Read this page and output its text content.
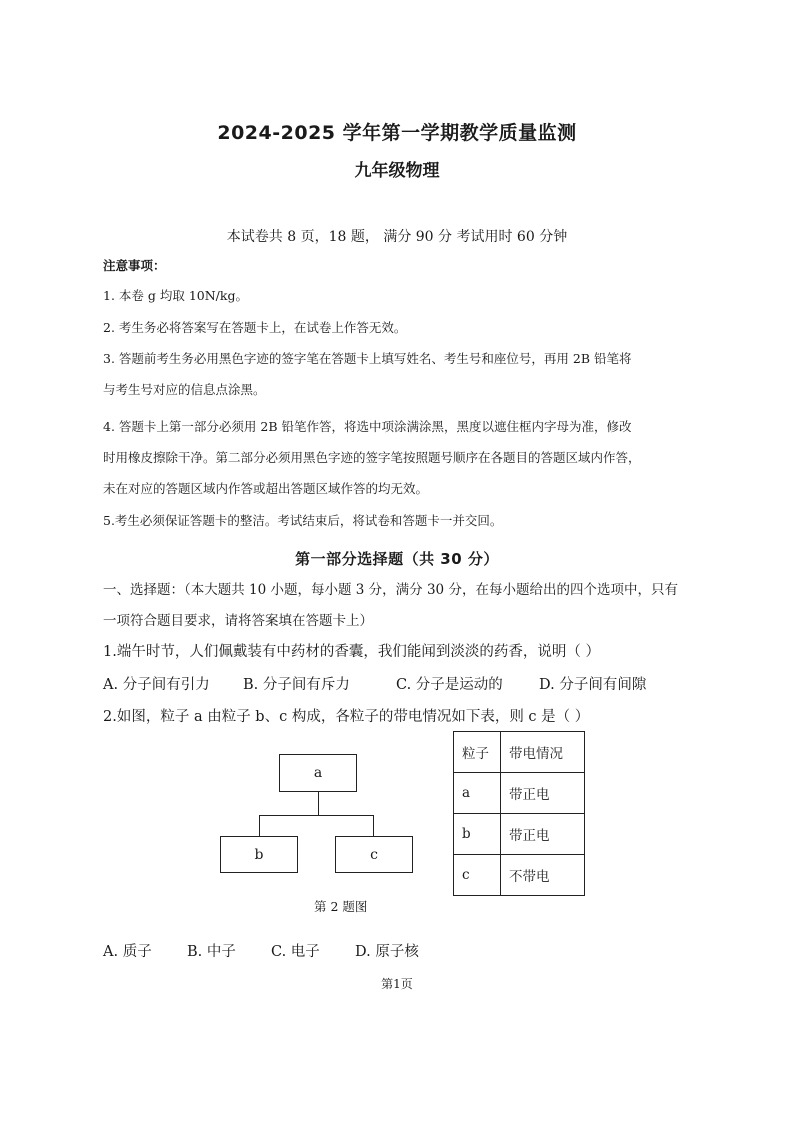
2024-2025 学年第一学期教学质量监测
九年级物理
本试卷共 8 页，18 题， 满分 90 分 考试用时 60 分钟
注意事项：
1. 本卷 g 均取 10N/kg。
2. 考生务必将答案写在答题卡上，在试卷上作答无效。
3. 答题前考生务必用黑色字迹的签字笔在答题卡上填写姓名、考生号和座位号，再用 2B 铅笔将
与考生号对应的信息点涂黑。
4. 答题卡上第一部分必须用 2B 铅笔作答，将选中项涂满涂黑，黑度以遮住框内字母为准，修改
时用橡皮擦除干净。第二部分必须用黑色字迹的签字笔按照题号顺序在各题目的答题区域内作答，
未在对应的答题区域内作答或超出答题区域作答的均无效。
5.考生必须保证答题卡的整洁。考试结束后，将试卷和答题卡一并交回。
第一部分选择题（共 30 分）
一、选择题：（本大题共 10 小题，每小题 3 分，满分 30 分，在每小题给出的四个选项中，只有
一项符合题目要求，请将答案填在答题卡上）
1.端午时节，人们佩戴装有中药材的香囊，我们能闻到淡淡的药香，说明（ ）
A. 分子间有引力 B. 分子间有斥力	C. 分子是运动的 D. 分子间有间隙
2.如图，粒子 a 由粒子 b、c 构成，各粒子的带电情况如下表，则 c 是（ ）
a
b	c
第 2 题图
粒子	带电情况
a	带正电
b	带正电
c	不带电
A. 质子 B. 中子 C. 电子 D. 原子核
第1页
